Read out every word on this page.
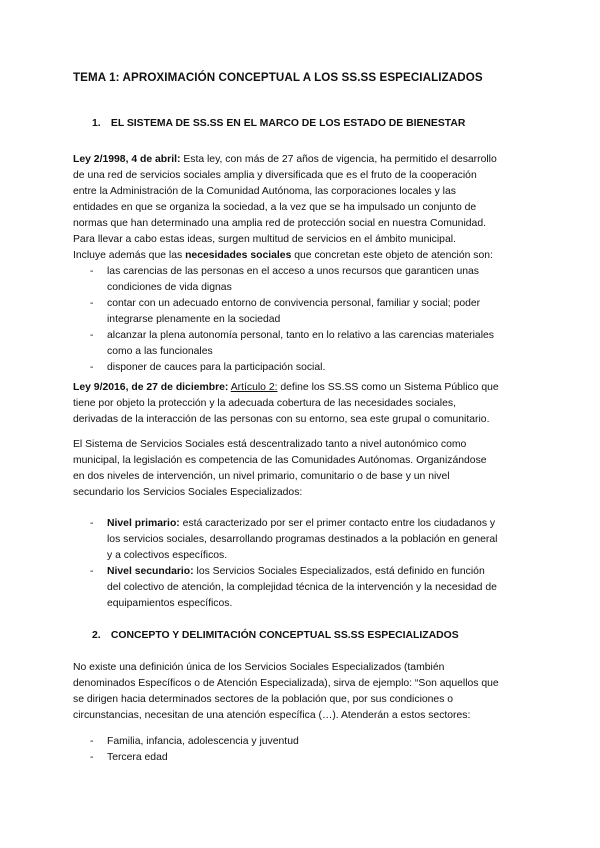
TEMA 1: APROXIMACIÓN CONCEPTUAL A LOS SS.SS ESPECIALIZADOS
1. EL SISTEMA DE SS.SS EN EL MARCO DE LOS ESTADO DE BIENESTAR
Ley 2/1998, 4 de abril: Esta ley, con más de 27 años de vigencia, ha permitido el desarrollo
de una red de servicios sociales amplia y diversificada que es el fruto de la cooperación
entre la Administración de la Comunidad Autónoma, las corporaciones locales y las
entidades en que se organiza la sociedad, a la vez que se ha impulsado un conjunto de
normas que han determinado una amplia red de protección social en nuestra Comunidad.
Para llevar a cabo estas ideas, surgen multitud de servicios en el ámbito municipal.
Incluye además que las necesidades sociales que concretan este objeto de atención son:
- las carencias de las personas en el acceso a unos recursos que garanticen unas
condiciones de vida dignas
- contar con un adecuado entorno de convivencia personal, familiar y social; poder
integrarse plenamente en la sociedad
- alcanzar la plena autonomía personal, tanto en lo relativo a las carencias materiales
como a las funcionales
- disponer de cauces para la participación social.
Ley 9/2016, de 27 de diciembre: Artículo 2: define los SS.SS como un Sistema Público que
tiene por objeto la protección y la adecuada cobertura de las necesidades sociales,
derivadas de la interacción de las personas con su entorno, sea este grupal o comunitario.
El Sistema de Servicios Sociales está descentralizado tanto a nivel autonómico como
municipal, la legislación es competencia de las Comunidades Autónomas. Organizándose
en dos niveles de intervención, un nivel primario, comunitario o de base y un nivel
secundario los Servicios Sociales Especializados:
- Nivel primario: está caracterizado por ser el primer contacto entre los ciudadanos y
los servicios sociales, desarrollando programas destinados a la población en general
y a colectivos específicos.
- Nivel secundario: los Servicios Sociales Especializados, está definido en función
del colectivo de atención, la complejidad técnica de la intervención y la necesidad de
equipamientos específicos.
2. CONCEPTO Y DELIMITACIÓN CONCEPTUAL SS.SS ESPECIALIZADOS
No existe una definición única de los Servicios Sociales Especializados (también
denominados Específicos o de Atención Especializada), sirva de ejemplo: “Son aquellos que
se dirigen hacia determinados sectores de la población que, por sus condiciones o
circunstancias, necesitan de una atención específica (…). Atenderán a estos sectores:
- Familia, infancia, adolescencia y juventud
- Tercera edad
